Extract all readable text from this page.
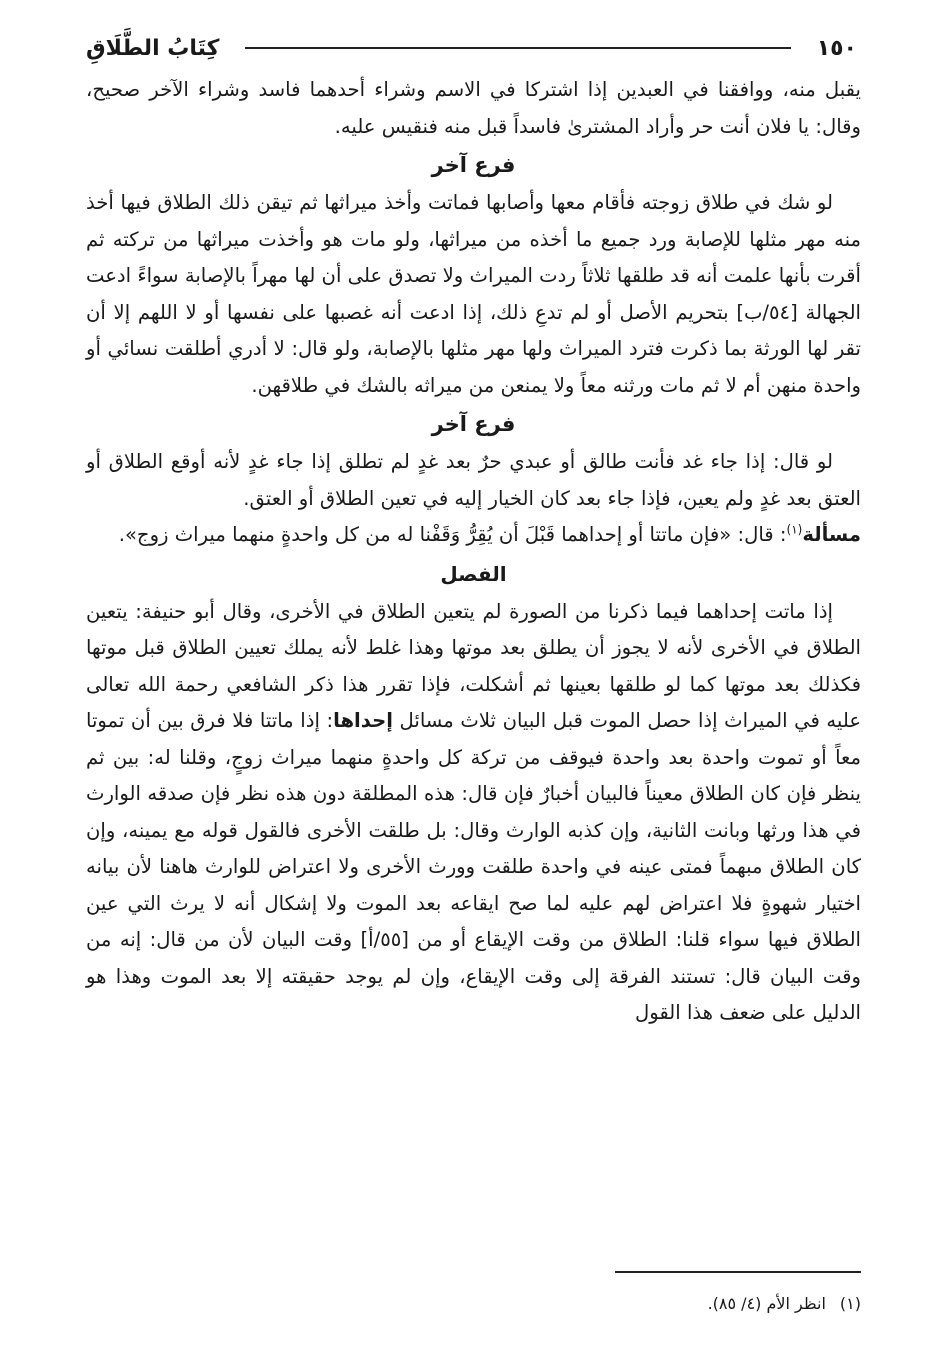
١٥٠
كِتَابُ الطَّلَاقِ

يقبل منه، ووافقنا في العبدين إذا اشتركا في الاسم وشراء أحدهما فاسد وشراء الآخر صحيح، وقال: يا فلان أنت حر وأراد المشترىٰ فاسداً قبل منه فنقيس عليه.

فرع آخر

لو شك في طلاق زوجته فأقام معها وأصابها فماتت وأخذ ميراثها ثم تيقن ذلك الطلاق فيها أخذ منه مهر مثلها للإصابة ورد جميع ما أخذه من ميراثها، ولو مات هو وأخذت ميراثها من تركته ثم أقرت بأنها علمت أنه قد طلقها ثلاثاً ردت الميراث ولا تصدق على أن لها مهراً بالإصابة سواءً ادعت الجهالة [٥٤/ب] بتحريم الأصل أو لم تدعِ ذلك، إذا ادعت أنه غصبها على نفسها أو لا اللهم إلا أن تقر لها الورثة بما ذكرت فترد الميراث ولها مهر مثلها بالإصابة، ولو قال: لا أدري أطلقت نسائي أو واحدة منهن أم لا ثم مات ورثنه معاً ولا يمنعن من ميراثه بالشك في طلاقهن.

فرع آخر

لو قال: إذا جاء غد فأنت طالق أو عبدي حرٌ بعد غدٍ لم تطلق إذا جاء غدٍ لأنه أوقع الطلاق أو العتق بعد غدٍ ولم يعين، فإذا جاء بعد كان الخيار إليه في تعين الطلاق أو العتق.

مسألة$^{(١)}$: قال: «فإن ماتتا أو إحداهما قَبْلَ أن يُقِرُّ وَقَفْنا له من كل واحدةٍ منهما ميراث زوج».

الفصل

إذا ماتت إحداهما فيما ذكرنا من الصورة لم يتعين الطلاق في الأخرى، وقال أبو حنيفة: يتعين الطلاق في الأخرى لأنه لا يجوز أن يطلق بعد موتها وهذا غلط لأنه يملك تعيين الطلاق قبل موتها فكذلك بعد موتها كما لو طلقها بعينها ثم أشكلت، فإذا تقرر هذا ذكر الشافعي رحمة الله تعالى عليه في الميراث إذا حصل الموت قبل البيان ثلاث مسائل إحداها: إذا ماتتا فلا فرق بين أن تموتا معاً أو تموت واحدة بعد واحدة فيوقف من تركة كل واحدةٍ منهما ميراث زوجٍ، وقلنا له: بين ثم ينظر فإن كان الطلاق معيناً فالبيان أخبارٌ فإن قال: هذه المطلقة دون هذه نظر فإن صدقه الوارث في هذا ورثها وبانت الثانية، وإن كذبه الوارث وقال: بل طلقت الأخرى فالقول قوله مع يمينه، وإن كان الطلاق مبهماً فمتى عينه في واحدة طلقت وورث الأخرى ولا اعتراض للوارث هاهنا لأن بيانه اختيار شهوةٍ فلا اعتراض لهم عليه لما صح ايقاعه بعد الموت ولا إشكال أنه لا يرث التي عين الطلاق فيها سواء قلنا: الطلاق من وقت الإيقاع أو من [٥٥/أ] وقت البيان لأن من قال: إنه من وقت البيان قال: تستند الفرقة إلى وقت الإيقاع، وإن لم يوجد حقيقته إلا بعد الموت وهذا هو الدليل على ضعف هذا القول

(١)انظر الأم (٤/ ٨٥).
